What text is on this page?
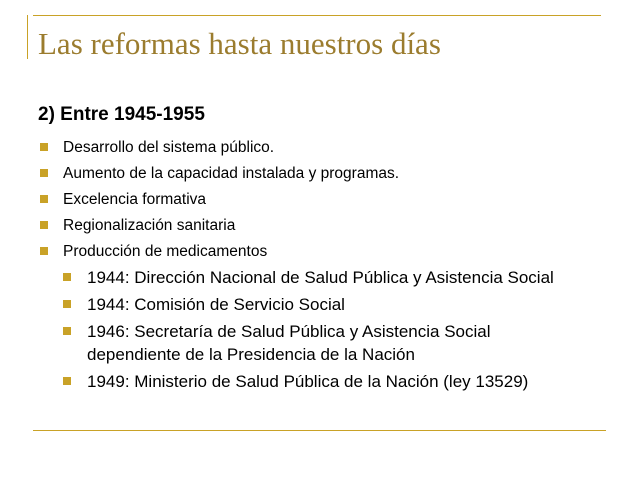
Las reformas hasta nuestros días
2) Entre 1945-1955
Desarrollo del sistema público.
Aumento de la capacidad instalada y programas.
Excelencia formativa
Regionalización sanitaria
Producción de medicamentos
1944: Dirección Nacional de Salud Pública y Asistencia Social
1944: Comisión de Servicio Social
1946: Secretaría de Salud Pública y Asistencia Social
dependiente de la Presidencia de la Nación
1949: Ministerio de Salud Pública de la Nación (ley 13529)
